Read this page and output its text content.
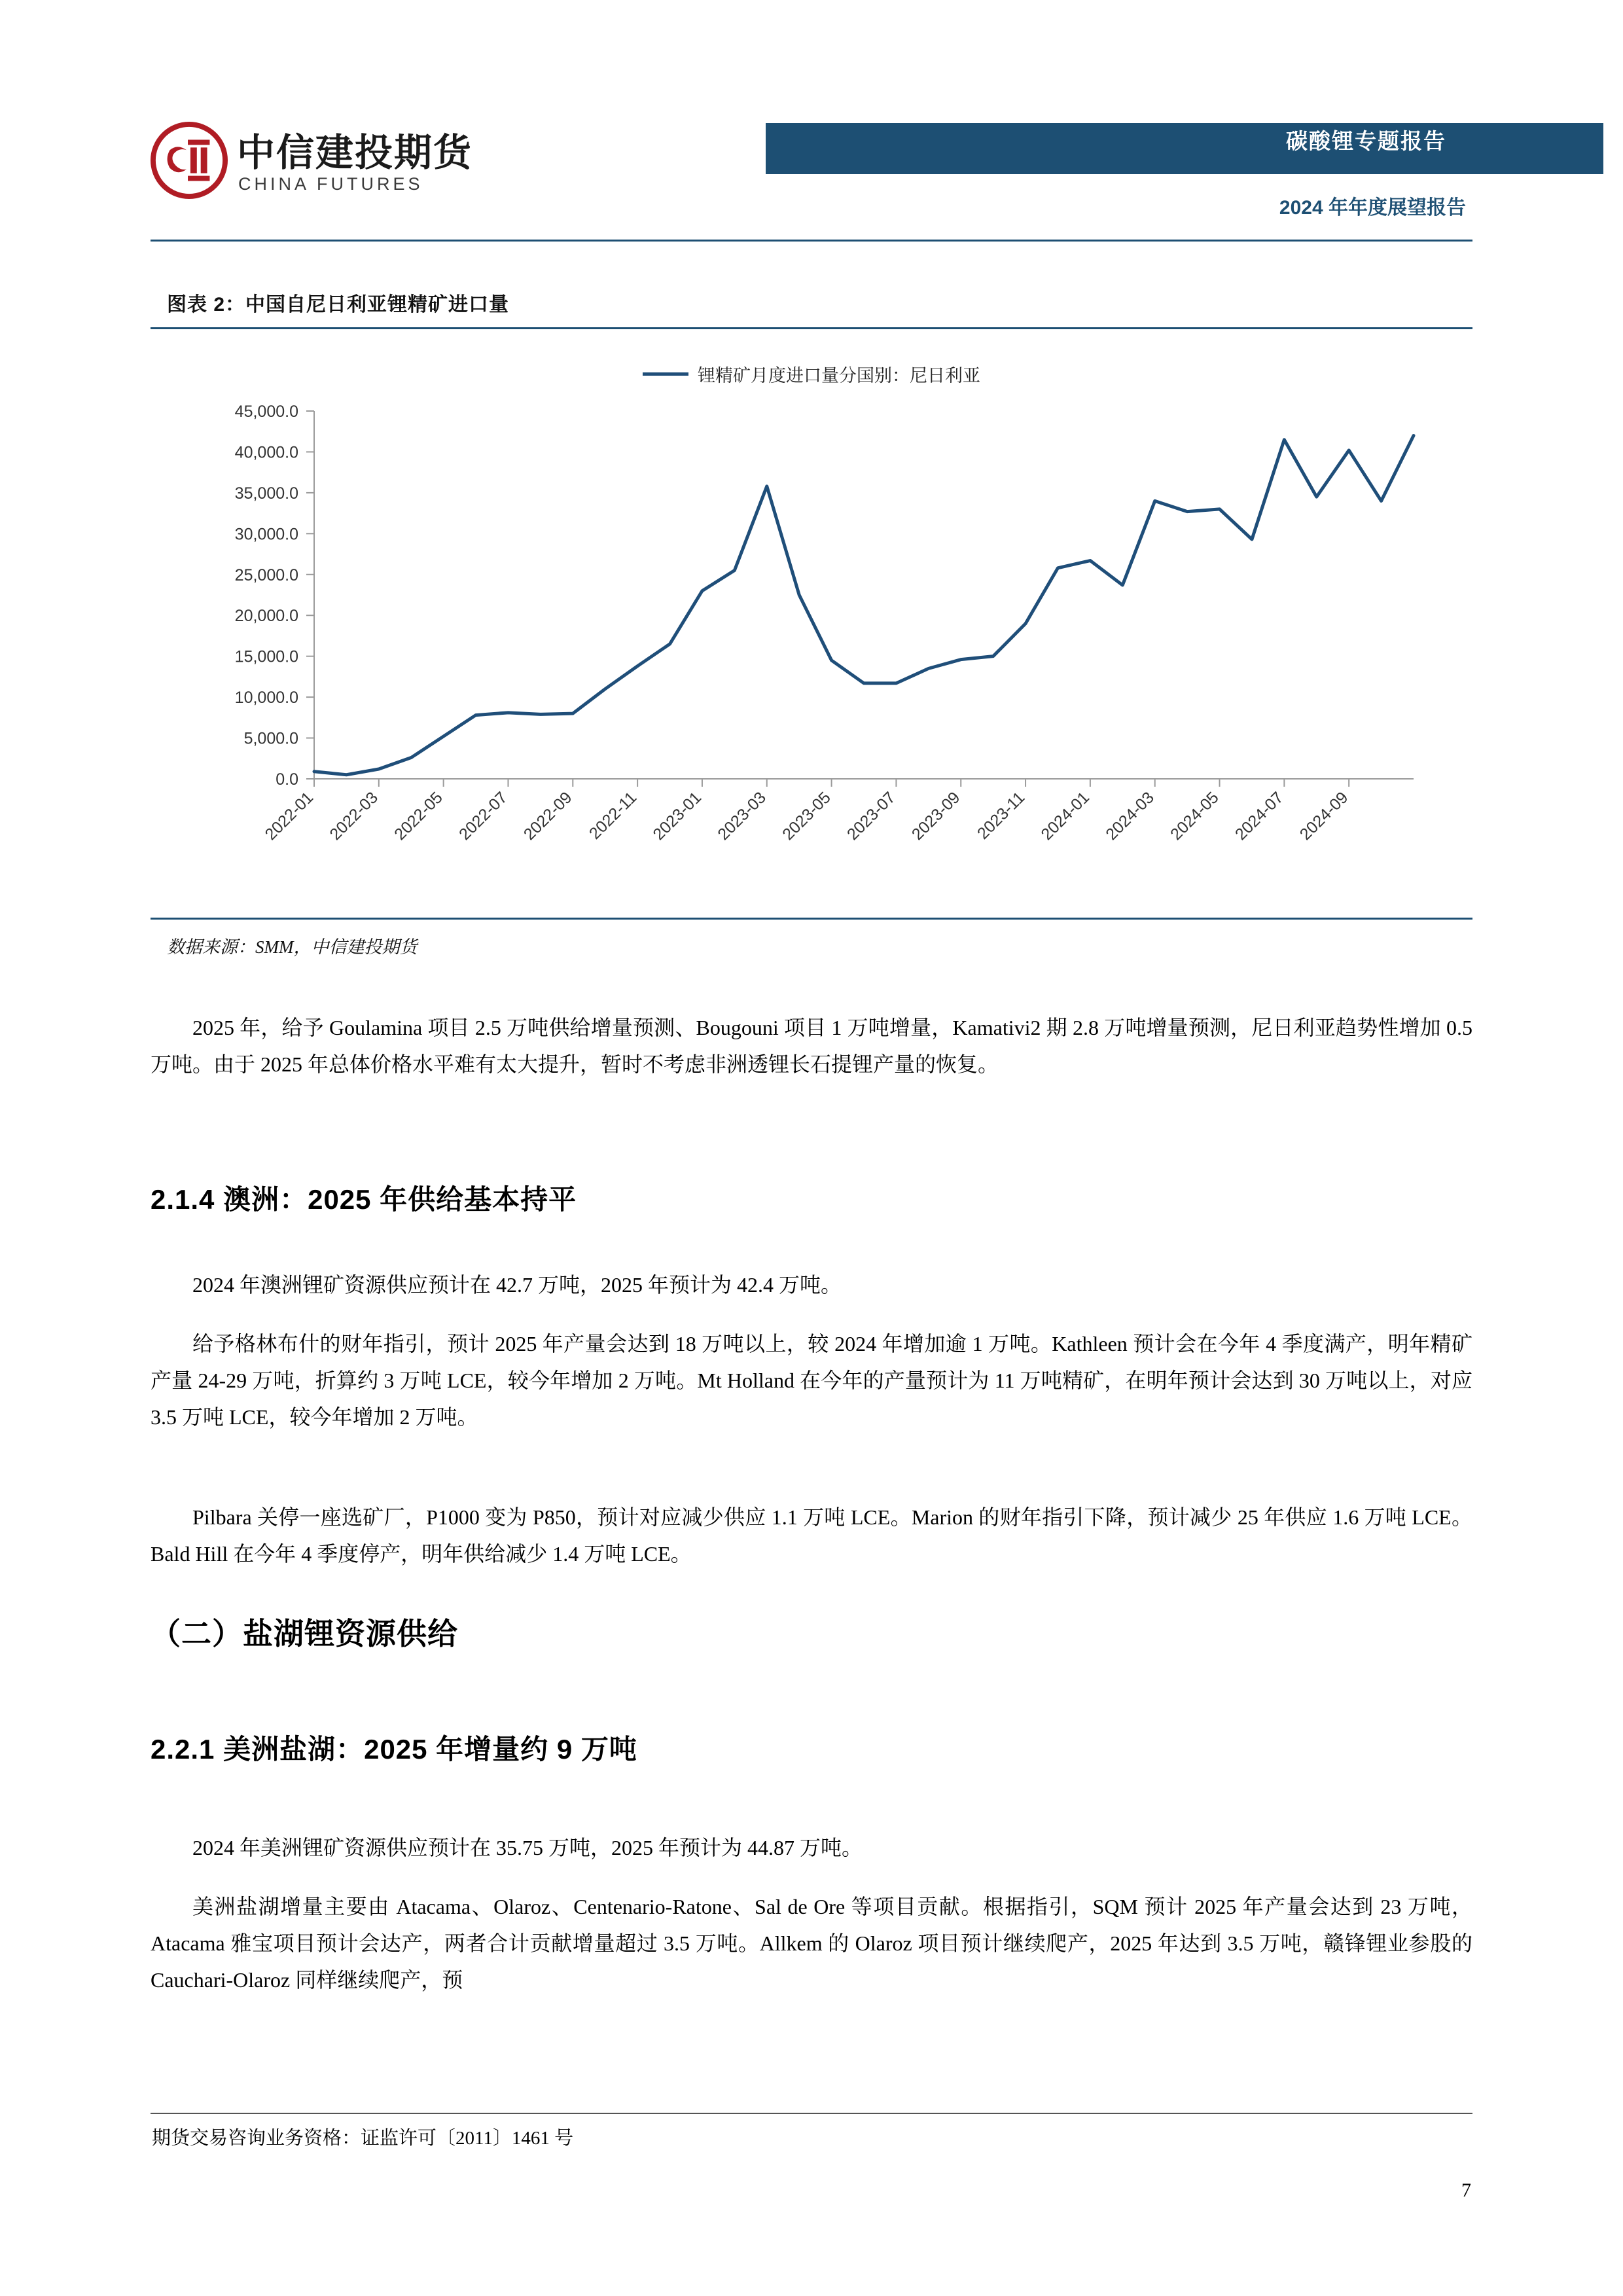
中信建投期货
CHINA FUTURES
碳酸锂专题报告
2024 年年度展望报告
图表 2：中国自尼日利亚锂精矿进口量
锂精矿月度进口量分国别：尼日利亚
0.0
5,000.0
10,000.0
15,000.0
20,000.0
25,000.0
30,000.0
35,000.0
40,000.0
45,000.0
2022-01 2022-03 2022-05 2022-07 2022-09 2022-11 2023-01 2023-03 2023-05 2023-07 2023-09 2023-11 2024-01 2024-03 2024-05 2024-07 2024-09
数据来源：SMM，中信建投期货
2025 年，给予 Goulamina 项目 2.5 万吨供给增量预测、Bougouni 项目 1 万吨增量，Kamativi2 期 2.8 万吨增量预测，尼日利亚趋势性增加 0.5 万吨。由于 2025 年总体价格水平难有太大提升，暂时不考虑非洲透锂长石提锂产量的恢复。
2.1.4 澳洲：2025 年供给基本持平
2024 年澳洲锂矿资源供应预计在 42.7 万吨，2025 年预计为 42.4 万吨。
给予格林布什的财年指引，预计 2025 年产量会达到 18 万吨以上，较 2024 年增加逾 1 万吨。Kathleen 预计会在今年 4 季度满产，明年精矿产量 24-29 万吨，折算约 3 万吨 LCE，较今年增加 2 万吨。Mt Holland 在今年的产量预计为 11 万吨精矿，在明年预计会达到 30 万吨以上，对应 3.5 万吨 LCE，较今年增加 2 万吨。
Pilbara 关停一座选矿厂，P1000 变为 P850，预计对应减少供应 1.1 万吨 LCE。Marion 的财年指引下降，预计减少 25 年供应 1.6 万吨 LCE。Bald Hill 在今年 4 季度停产，明年供给减少 1.4 万吨 LCE。
（二）盐湖锂资源供给
2.2.1 美洲盐湖：2025 年增量约 9 万吨
2024 年美洲锂矿资源供应预计在 35.75 万吨，2025 年预计为 44.87 万吨。
美洲盐湖增量主要由 Atacama、Olaroz、Centenario-Ratone、Sal de Ore 等项目贡献。根据指引，SQM 预计 2025 年产量会达到 23 万吨，Atacama 雅宝项目预计会达产，两者合计贡献增量超过 3.5 万吨。Allkem 的 Olaroz 项目预计继续爬产，2025 年达到 3.5 万吨，赣锋锂业参股的 Cauchari-Olaroz 同样继续爬产，预
期货交易咨询业务资格：证监许可〔2011〕1461 号
7
